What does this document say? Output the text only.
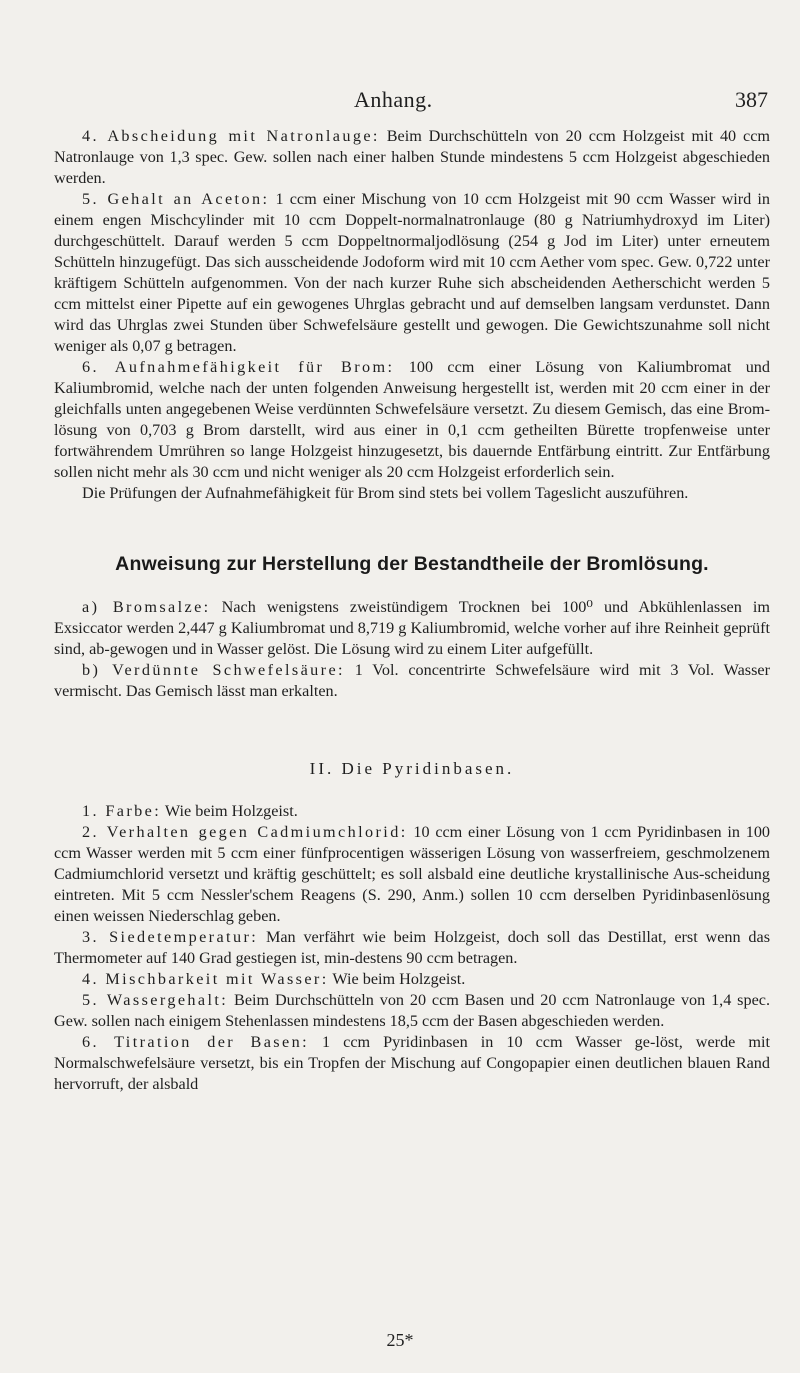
Anhang.	387

4. Abscheidung mit Natronlauge: Beim Durchschütteln von 20 ccm Holzgeist mit 40 ccm Natronlauge von 1,3 spec. Gew. sollen nach einer halben Stunde mindestens 5 ccm Holzgeist abgeschieden werden.

5. Gehalt an Aceton: 1 ccm einer Mischung von 10 ccm Holzgeist mit 90 ccm Wasser wird in einem engen Mischcylinder mit 10 ccm Doppelt-normalnatronlauge (80 g Natriumhydroxyd im Liter) durchgeschüttelt. Darauf werden 5 ccm Doppeltnormaljodlösung (254 g Jod im Liter) unter erneutem Schütteln hinzugefügt. Das sich ausscheidende Jodoform wird mit 10 ccm Aether vom spec. Gew. 0,722 unter kräftigem Schütteln aufgenommen. Von der nach kurzer Ruhe sich abscheidenden Aetherschicht werden 5 ccm mittelst einer Pipette auf ein gewogenes Uhrglas gebracht und auf demselben langsam verdunstet. Dann wird das Uhrglas zwei Stunden über Schwefelsäure gestellt und gewogen. Die Gewichtszunahme soll nicht weniger als 0,07 g betragen.

6. Aufnahmefähigkeit für Brom: 100 ccm einer Lösung von Kaliumbromat und Kaliumbromid, welche nach der unten folgenden Anweisung hergestellt ist, werden mit 20 ccm einer in der gleichfalls unten angegebenen Weise verdünnten Schwefelsäure versetzt. Zu diesem Gemisch, das eine Brom-lösung von 0,703 g Brom darstellt, wird aus einer in 0,1 ccm getheilten Bürette tropfenweise unter fortwährendem Umrühren so lange Holzgeist hinzugesetzt, bis dauernde Entfärbung eintritt. Zur Entfärbung sollen nicht mehr als 30 ccm und nicht weniger als 20 ccm Holzgeist erforderlich sein.

Die Prüfungen der Aufnahmefähigkeit für Brom sind stets bei vollem Tageslicht auszuführen.

Anweisung zur Herstellung der Bestandtheile der Bromlösung.

a) Bromsalze: Nach wenigstens zweistündigem Trocknen bei 100⁰ und Abkühlenlassen im Exsiccator werden 2,447 g Kaliumbromat und 8,719 g Kaliumbromid, welche vorher auf ihre Reinheit geprüft sind, ab-gewogen und in Wasser gelöst. Die Lösung wird zu einem Liter aufgefüllt.

b) Verdünnte Schwefelsäure: 1 Vol. concentrirte Schwefelsäure wird mit 3 Vol. Wasser vermischt. Das Gemisch lässt man erkalten.

II. Die Pyridinbasen.

1. Farbe: Wie beim Holzgeist.

2. Verhalten gegen Cadmiumchlorid: 10 ccm einer Lösung von 1 ccm Pyridinbasen in 100 ccm Wasser werden mit 5 ccm einer fünfprocentigen wässerigen Lösung von wasserfreiem, geschmolzenem Cadmiumchlorid versetzt und kräftig geschüttelt; es soll alsbald eine deutliche krystallinische Aus-scheidung eintreten. Mit 5 ccm Nessler'schem Reagens (S. 290, Anm.) sollen 10 ccm derselben Pyridinbasenlösung einen weissen Niederschlag geben.

3. Siedetemperatur: Man verfährt wie beim Holzgeist, doch soll das Destillat, erst wenn das Thermometer auf 140 Grad gestiegen ist, min-destens 90 ccm betragen.

4. Mischbarkeit mit Wasser: Wie beim Holzgeist.

5. Wassergehalt: Beim Durchschütteln von 20 ccm Basen und 20 ccm Natronlauge von 1,4 spec. Gew. sollen nach einigem Stehenlassen mindestens 18,5 ccm der Basen abgeschieden werden.

6. Titration der Basen: 1 ccm Pyridinbasen in 10 ccm Wasser ge-löst, werde mit Normalschwefelsäure versetzt, bis ein Tropfen der Mischung auf Congopapier einen deutlichen blauen Rand hervorruft, der alsbald

25*
